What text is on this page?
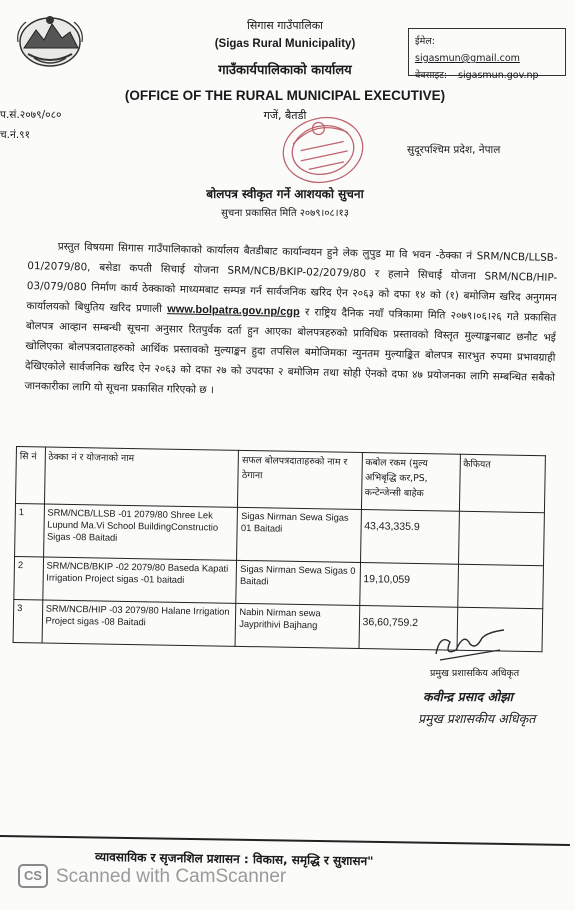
सिगास गाउँपालिका
(Sigas Rural Municipality)
गाउँकार्यपालिकाको कार्यालय
(OFFICE OF THE RURAL MUNICIPAL EXECUTIVE)
गजें, बैतडी
ईमेल: sigasmun@gmail.com
वेवसाइट: sigasmun.gov.np
प.सं.२०७९/०८०
च.नं.९१
सुदूरपश्चिम प्रदेश, नेपाल
बोलपत्र स्वीकृत गर्ने आशयको सुचना
सुचना प्रकासित मिति २०७९।०८।१३

प्रस्तुत विषयमा सिगास गाउँपालिकाको कार्यालय बैतडीबाट कार्यान्वयन हुने लेक लुपुड मा वि भवन -ठेक्का नं SRM/NCB/LLSB-01/2079/80, बसेडा कपती सिचाई योजना SRM/NCB/BKIP-02/2079/80 र हलाने सिचाई योजना SRM/NCB/HIP-03/079/080 निर्माण कार्य ठेक्काको माध्यमबाट सम्पन्न गर्न सार्वजनिक खरिद ऐन २०६३ को दफा १४ को (१) बमोजिम खरिद अनुगमन कार्यालयको बिधुतिय खरिद प्रणाली www.bolpatra.gov.np/cgp र राष्ट्रिय दैनिक नयाँ पत्रिकामा मिति २०७९।०६।२६ गते प्रकासित बोलपत्र आव्हान सम्बन्धी सूचना अनुसार रितपुर्वक दर्ता हुन आएका बोलपत्रहरुको प्राविधिक प्रस्तावको विस्तृत मुल्याङ्कनबाट छनौट भई खोलिएका बोलपत्रदाताहरुको आर्थिक प्रस्तावको मुल्याङ्कन हुदा तपसिल बमोजिमका न्युनतम मुल्याङ्कित बोलपत्र सारभुत रुपमा प्रभावग्राही देखिएकोले सार्वजनिक खरिद ऐन २०६३ को दफा २७ को उपदफा २ बमोजिम तथा सोही ऐनको दफा ४७ प्रयोजनका लागि सम्बन्धित सबैको जानकारीका लागि यो सूचना प्रकासित गरिएको छ ।

सि नं	ठेक्का नं र योजनाको नाम	सफल बोलपत्रदाताहरुको नाम र ठेगाना	कबोल रकम (मुल्य अभिबृद्धि कर,PS, कन्टेन्जेन्सी बाहेक	कैफियत
1	SRM/NCB/LLSB -01 2079/80 Shree Lek Lupund Ma.Vi School BuildingConstructio Sigas -08 Baitadi	Sigas Nirman Sewa Sigas 01 Baitadi	43,43,335.9	
2	SRM/NCB/BKIP -02 2079/80 Baseda Kapati Irrigation Project sigas -01 baitadi	Sigas Nirman Sewa Sigas 0 Baitadi	19,10,059	
3	SRM/NCB/HIP -03 2079/80 Halane Irrigation Project sigas -08 Baitadi	Nabin Nirman sewa Jayprithivi Bajhang	36,60,759.2	
प्रमुख प्रशासकिय अधिकृत
कवीन्द्र प्रसाद ओझा
प्रमुख प्रशासकीय अधिकृत
व्यावसायिक र सृजनशिल प्रशासन : विकास, समृद्धि र सुशासन"
CS Scanned with CamScanner
